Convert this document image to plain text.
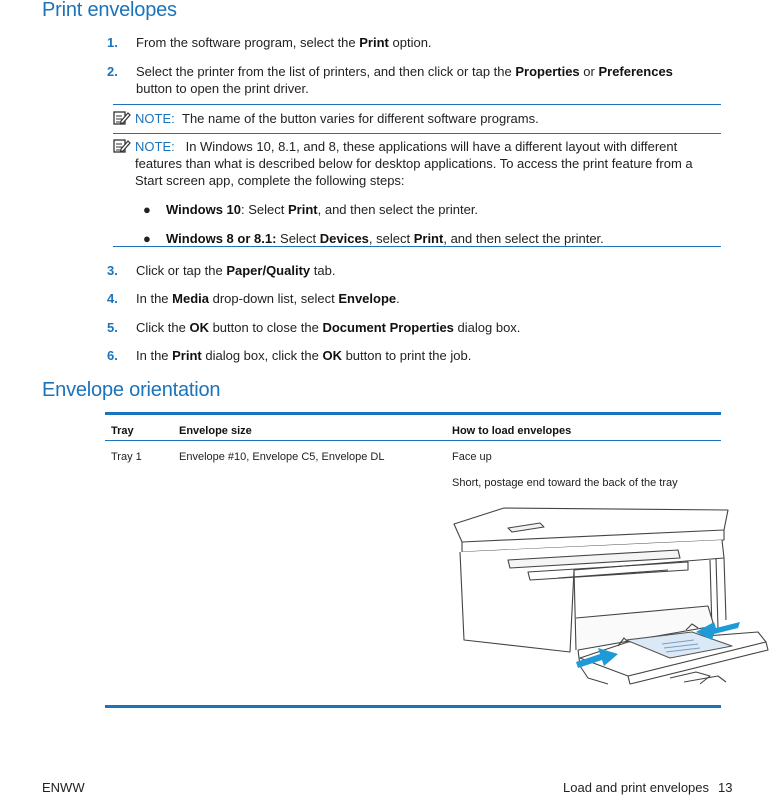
Print envelopes
1. From the software program, select the Print option.
2. Select the printer from the list of printers, and then click or tap the Properties or Preferences button to open the print driver.
NOTE: The name of the button varies for different software programs.
NOTE: In Windows 10, 8.1, and 8, these applications will have a different layout with different features than what is described below for desktop applications. To access the print feature from a Start screen app, complete the following steps:
● Windows 10: Select Print, and then select the printer.
● Windows 8 or 8.1: Select Devices, select Print, and then select the printer.
3. Click or tap the Paper/Quality tab.
4. In the Media drop-down list, select Envelope.
5. Click the OK button to close the Document Properties dialog box.
6. In the Print dialog box, click the OK button to print the job.
Envelope orientation
Tray	Envelope size	How to load envelopes
Tray 1	Envelope #10, Envelope C5, Envelope DL	Face up
Short, postage end toward the back of the tray
ENWW	Load and print envelopes 13
